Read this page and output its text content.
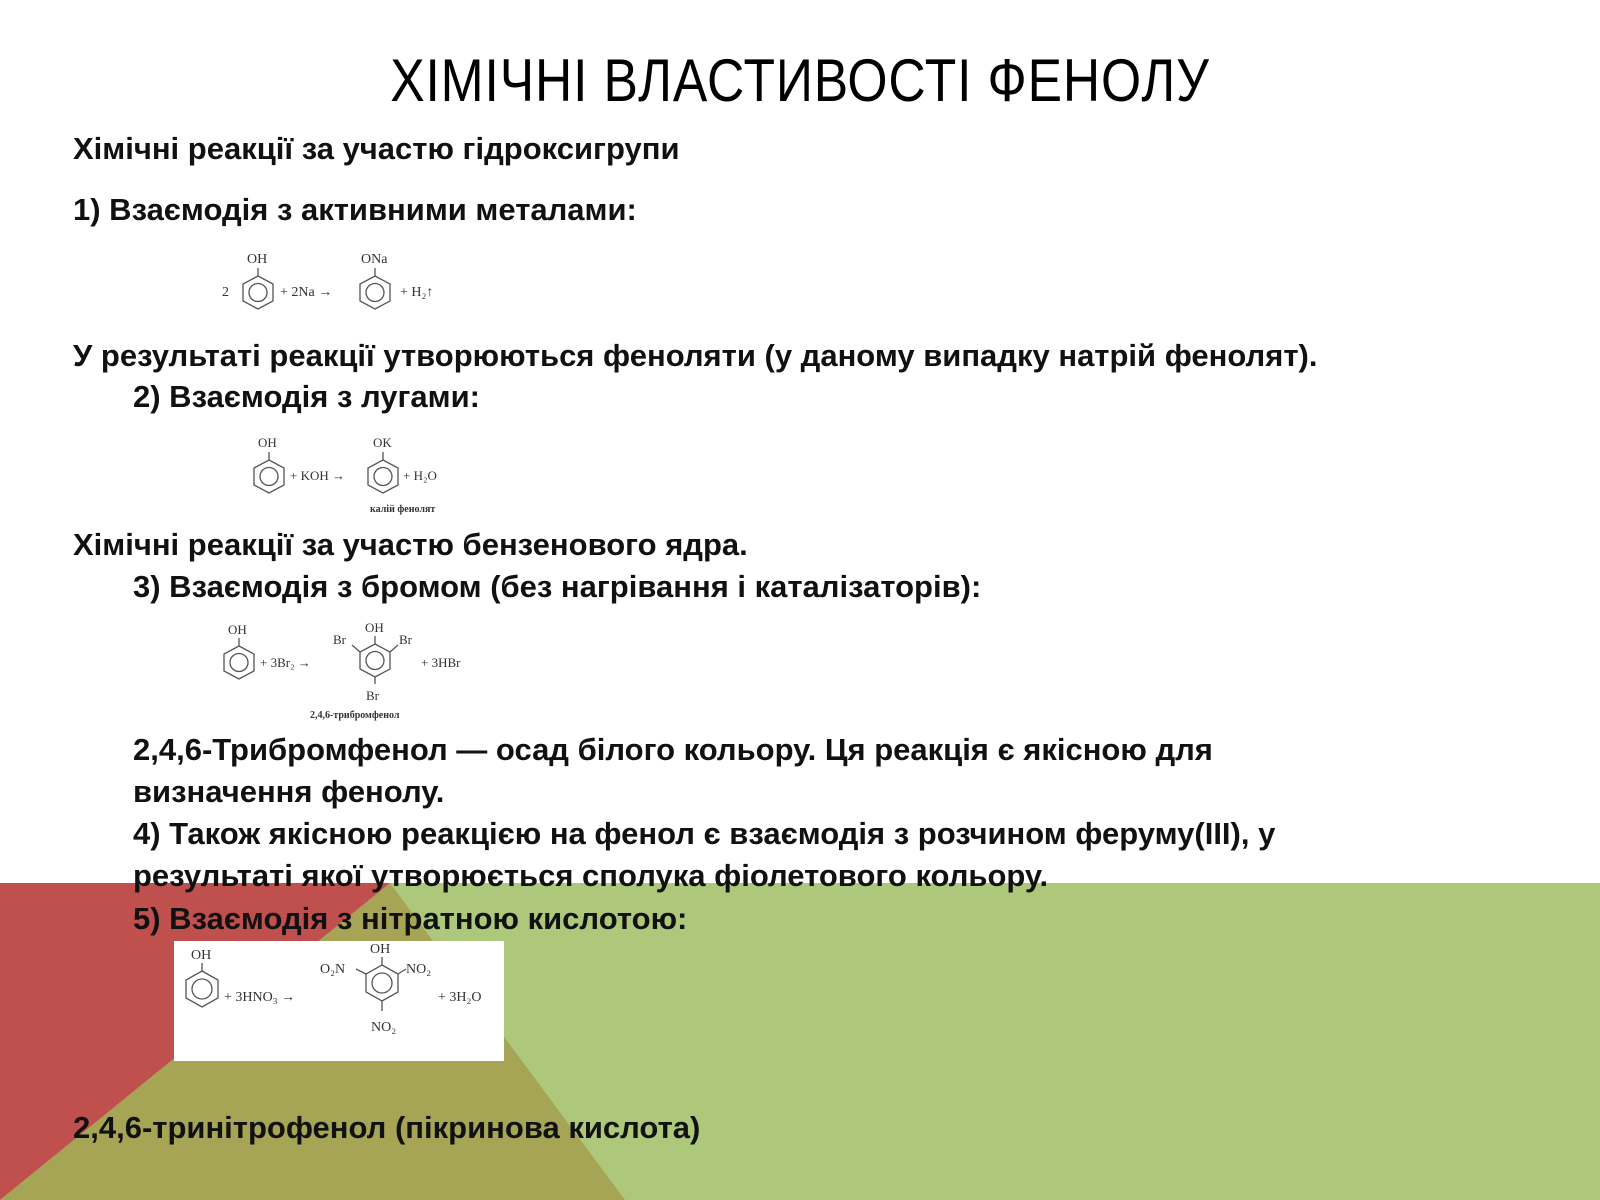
ХІМІЧНІ ВЛАСТИВОСТІ ФЕНОЛУ
Хімічні реакції за участю гідроксигрупи
1) Взаємодія з активними металами:
2
OH
+ 2Na →
ONa
+ H₂↑
У результаті реакції утворюються феноляти (у даному випадку натрій фенолят).
2) Взаємодія з лугами:
OH
+ KOH →
OK
+ H₂O
калій фенолят
Хімічні реакції за участю бензенового ядра.
3) Взаємодія з бромом (без нагрівання і каталізаторів):
OH
+ 3Br₂ →
OH
Br	Br
Br
+ 3HBr
2,4,6-трибромфенол
2,4,6-Трибромфенол — осад білого кольору. Ця реакція є якісною для
визначення фенолу.
4) Також якісною реакцією на фенол є взаємодія з розчином феруму(III), у
результаті якої утворюється сполука фіолетового кольору.
5) Взаємодія з нітратною кислотою:
OH
+ 3HNO₃ →
OH
O₂N	NO₂
NO₂
+ 3H₂O
2,4,6-тринітрофенол (пікринова кислота)
